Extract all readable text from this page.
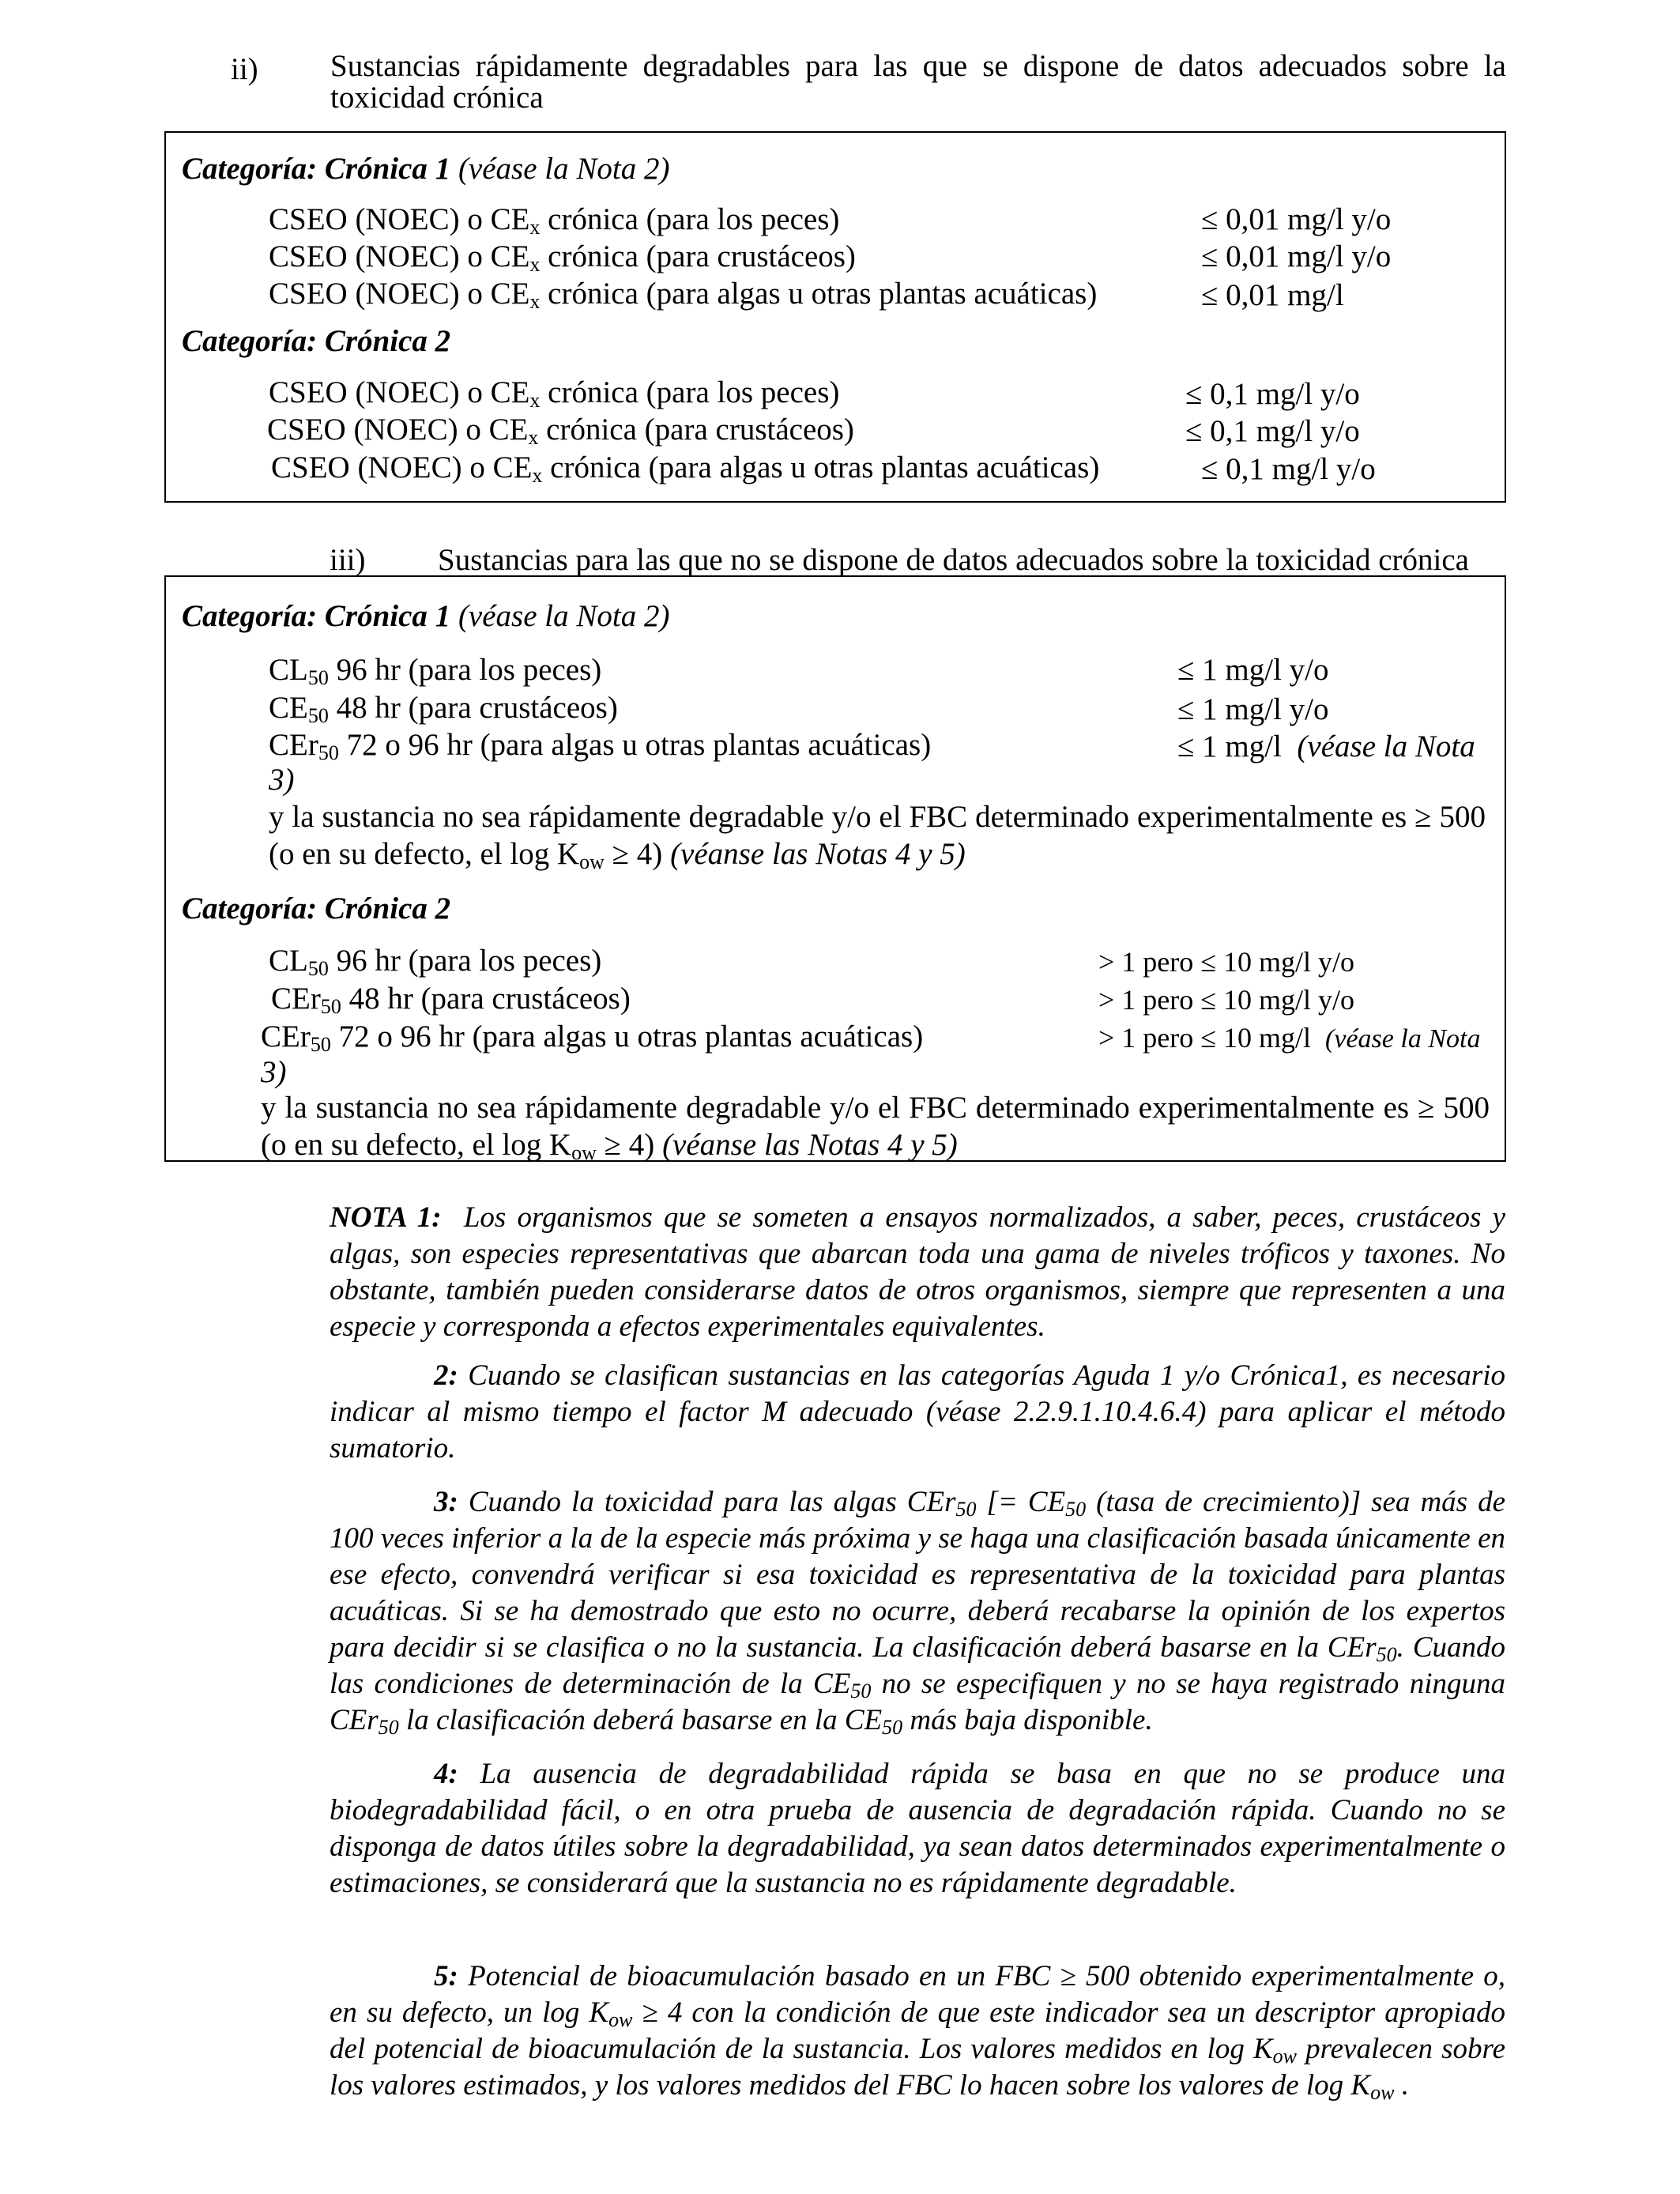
ii) Sustancias rápidamente degradables para las que se dispone de datos adecuados sobre la toxicidad crónica
Categoría: Crónica 1 (véase la Nota 2)
CSEO (NOEC) o $CE_x$ crónica (para los peces)	≤ 0,01 mg/l y/o
CSEO (NOEC) o $CE_x$ crónica (para crustáceos)	≤ 0,01 mg/l y/o
CSEO (NOEC) o $CE_x$ crónica (para algas u otras plantas acuáticas)	≤ 0,01 mg/l
Categoría: Crónica 2
CSEO (NOEC) o $CE_x$ crónica (para los peces)	≤ 0,1 mg/l y/o
CSEO (NOEC) o $CE_x$ crónica (para crustáceos)	≤ 0,1 mg/l y/o
CSEO (NOEC) o $CE_x$ crónica (para algas u otras plantas acuáticas)	≤ 0,1 mg/l y/o
iii) Sustancias para las que no se dispone de datos adecuados sobre la toxicidad crónica
Categoría: Crónica 1 (véase la Nota 2)
$CL_{50}$ 96 hr (para los peces)	≤ 1 mg/l y/o
$CE_{50}$ 48 hr (para crustáceos)	≤ 1 mg/l y/o
CEr$_{50}$ 72 o 96 hr (para algas u otras plantas acuáticas)	≤ 1 mg/l (véase la Nota
3)
y la sustancia no sea rápidamente degradable y/o el FBC determinado experimentalmente es ≥ 500 (o en su defecto, el $\log K_{ow} \ge 4$) (véanse las Notas 4 y 5)
Categoría: Crónica 2
$CL_{50}$ 96 hr (para los peces)	> 1 pero ≤ 10 mg/l y/o
CEr$_{50}$ 48 hr (para crustáceos)	> 1 pero ≤ 10 mg/l y/o
CEr$_{50}$ 72 o 96 hr (para algas u otras plantas acuáticas)	> 1 pero ≤ 10 mg/l (véase la Nota
3)
y la sustancia no sea rápidamente degradable y/o el FBC determinado experimentalmente es ≥ 500 (o en su defecto, el $\log K_{ow} \ge 4$) (véanse las Notas 4 y 5)

NOTA 1: Los organismos que se someten a ensayos normalizados, a saber, peces, crustáceos y algas, son especies representativas que abarcan toda una gama de niveles tróficos y taxones. No obstante, también pueden considerarse datos de otros organismos, siempre que representen a una especie y corresponda a efectos experimentales equivalentes.

2: Cuando se clasifican sustancias en las categorías Aguda 1 y/o Crónica1, es necesario indicar al mismo tiempo el factor M adecuado (véase 2.2.9.1.10.4.6.4) para aplicar el método sumatorio.

3: Cuando la toxicidad para las algas CEr$_{50}$ [= $CE_{50}$ (tasa de crecimiento)] sea más de 100 veces inferior a la de la especie más próxima y se haga una clasificación basada únicamente en ese efecto, convendrá verificar si esa toxicidad es representativa de la toxicidad para plantas acuáticas. Si se ha demostrado que esto no ocurre, deberá recabarse la opinión de los expertos para decidir si se clasifica o no la sustancia. La clasificación deberá basarse en la CEr$_{50}$. Cuando las condiciones de determinación de la $CE_{50}$ no se especifiquen y no se haya registrado ninguna CEr$_{50}$ la clasificación deberá basarse en la $CE_{50}$ más baja disponible.

4: La ausencia de degradabilidad rápida se basa en que no se produce una biodegradabilidad fácil, o en otra prueba de ausencia de degradación rápida. Cuando no se disponga de datos útiles sobre la degradabilidad, ya sean datos determinados experimentalmente o estimaciones, se considerará que la sustancia no es rápidamente degradable.

5: Potencial de bioacumulación basado en un FBC ≥ 500 obtenido experimentalmente o, en su defecto, un $\log K_{ow} \ge 4$ con la condición de que este indicador sea un descriptor apropiado del potencial de bioacumulación de la sustancia. Los valores medidos en $\log K_{ow}$ prevalecen sobre los valores estimados, y los valores medidos del FBC lo hacen sobre los valores de $\log K_{ow}$ .
